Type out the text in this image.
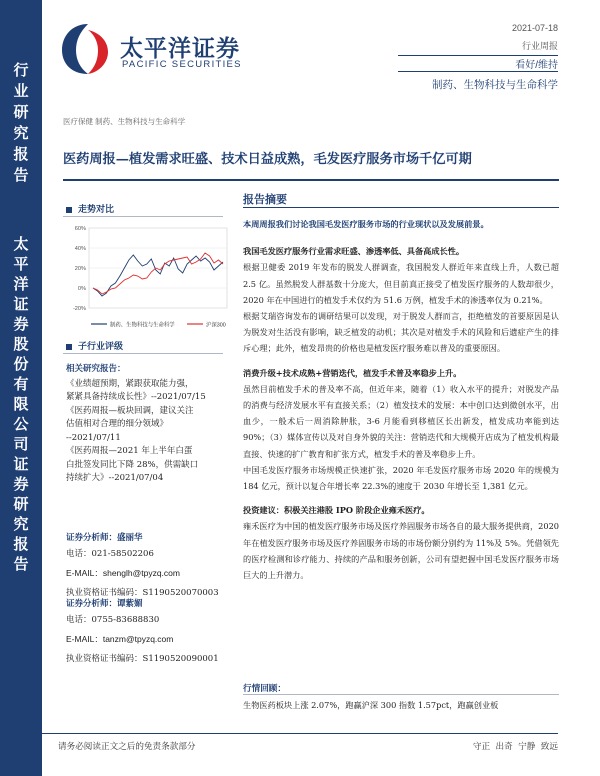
行
业
研
究
报
告
太
平
洋
证
券
股
份
有
限
公
司
证
券
研
究
报
告
太平洋证券
PACIFIC SECURITIES
2021-07-18
行业周报
看好/维持
制药、生物科技与生命科学
医疗保健 制药、生物科技与生命科学
医药周报—植发需求旺盛、技术日益成熟，毛发医疗服务市场千亿可期
走势对比
60%
40%
20%
0%
-20%
制药、生物科技与生命科学	沪深300
子行业评级
相关研究报告：
《业绩超预期，紧跟获取能力强，
紧紧具备持续成长性》--2021/07/15
《医药周报—板块回调，建议关注
估值相对合理的细分领域》
--2021/07/11
《医药周报—2021 年上半年白蛋
白批签发同比下降 28%，供需缺口
持续扩大》--2021/07/04
证券分析师：盛丽华
电话：021-58502206
E-MAIL：shenglh@tpyzq.com
执业资格证书编码：S1190520070003
证券分析师：谭紫媚
电话：0755-83688830
E-MAIL：tanzm@tpyzq.com
执业资格证书编码：S1190520090001
报告摘要
本周周报我们讨论我国毛发医疗服务市场的行业现状以及发展前景。
我国毛发医疗服务行业需求旺盛、渗透率低、具备高成长性。
根据卫健委 2019 年发布的脱发人群调查，我国脱发人群近年来直线上升，人数已超 2.5 亿。虽然脱发人群基数十分庞大，但目前真正接受了植发医疗服务的人数却很少，2020 年在中国进行的植发手术仅约为 51.6 万例，植发手术的渗透率仅为 0.21%。
根据艾瑞咨询发布的调研结果可以发现，对于脱发人群而言，拒绝植发的首要原因是认为脱发对生活没有影响，缺乏植发的动机；其次是对植发手术的风险和后遗症产生的排斥心理；此外，植发昂贵的价格也是植发医疗服务难以普及的重要原因。
消费升级+技术成熟+营销迭代，植发手术普及率稳步上升。
虽然目前植发手术的普及率不高，但近年来，随着（1）收入水平的提升；对脱发产品的消费与经济发展水平有直接关系；（2）植发技术的发展：本中创口达到微创水平，出血少，一般术后一周消除肿胀，3-6 月能看到移植区长出新发，植发成功率能到达 90%；（3）媒体宣传以及对自身外貌的关注：营销迭代和大规模开店成为了植发机构最直接、快速的扩广教育和扩张方式，植发手术的普及率稳步上升。
中国毛发医疗服务市场规模正快速扩张，2020 年毛发医疗服务市场 2020 年的规模为 184 亿元，预计以复合年增长率 22.3%的速度于 2030 年增长至 1,381 亿元。
投资建议：积极关注港股 IPO 阶段企业雍禾医疗。
雍禾医疗为中国的植发医疗服务市场及医疗养固服务市场各自的最大服务提供商，2020 年在植发医疗服务市场及医疗养固服务市场的市场份额分别约为 11%及 5%。凭借领先的医疗检测和诊疗能力、持续的产品和服务创新，公司有望把握中国毛发医疗服务市场巨大的上升潜力。
行情回顾：
生物医药板块上涨 2.07%，跑赢沪深 300 指数 1.57pct，跑赢创业板
请务必阅读正文之后的免责条款部分	守正  出奇  宁静  致远
